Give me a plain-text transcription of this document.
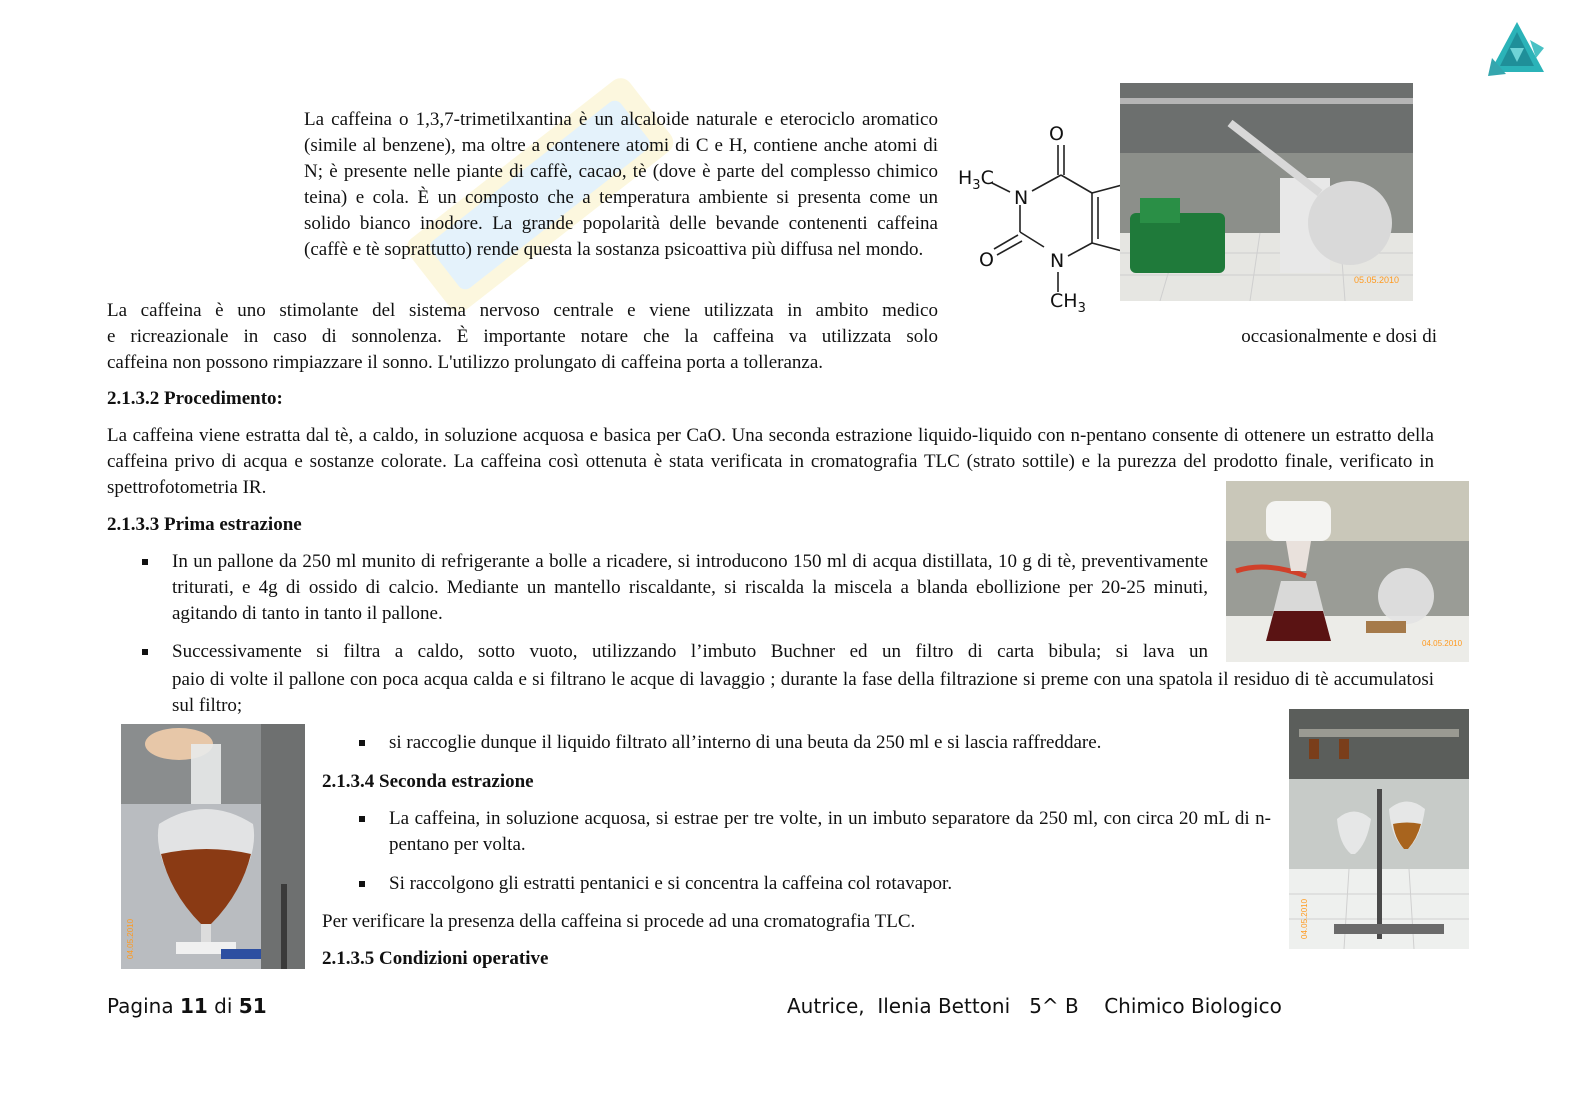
La caffeina o 1,3,7-trimetilxantina è un alcaloide naturale e eterociclo aromatico (simile al benzene), ma oltre a contenere atomi di C e H, contiene anche atomi di N; è presente nelle piante di caffè, cacao, tè (dove è parte del complesso chimico teina) e cola. È un composto che a temperatura ambiente si presenta come un solido bianco inodore. La grande popolarità delle bevande contenenti caffeina (caffè e tè soprattutto) rende questa la sostanza psicoattiva più diffusa nel mondo.
O
N
$H_3C$
O	N
$CH_3$
05.05.2010
La caffeina è uno stimolante del sistema nervoso centrale e viene utilizzata in ambito medico
e ricreazionale in caso di sonnolenza. È importante notare che la caffeina va utilizzata solo	occasionalmente e dosi di
caffeina non possono rimpiazzare il sonno. L'utilizzo prolungato di caffeina porta a tolleranza.
2.1.3.2 Procedimento:
La caffeina viene estratta dal tè, a caldo, in soluzione acquosa e basica per CaO. Una seconda estrazione liquido-liquido con n-pentano consente di ottenere un estratto della caffeina privo di acqua e sostanze colorate. La caffeina così ottenuta è stata verificata in cromatografia TLC (strato sottile) e la purezza del prodotto finale, verificato in spettrofotometria IR.
04.05.2010
2.1.3.3 Prima estrazione
In un pallone da 250 ml munito di refrigerante a bolle a ricadere, si introducono 150 ml di acqua distillata, 10 g di tè, preventivamente triturati, e 4g di ossido di calcio. Mediante un mantello riscaldante, si riscalda la miscela a blanda ebollizione per 20-25 minuti, agitando di tanto in tanto il pallone.
Successivamente si filtra a caldo, sotto vuoto, utilizzando l’imbuto Buchner ed un filtro di carta bibula; si lava un
paio di volte il pallone con poca acqua calda e si filtrano le acque di lavaggio ; durante la fase della filtrazione si preme con una spatola il residuo di tè accumulatosi sul filtro;
04.05.2010	04.05.2010
si raccoglie dunque il liquido filtrato all’interno di una beuta da 250 ml e si lascia raffreddare.
2.1.3.4 Seconda estrazione
La caffeina, in soluzione acquosa, si estrae per tre volte, in un imbuto separatore da 250 ml, con circa 20 mL di n-pentano per volta.
Si raccolgono gli estratti pentanici e si concentra la caffeina col rotavapor.
Per verificare la presenza della caffeina si procede ad una cromatografia TLC.
2.1.3.5 Condizioni operative
Pagina 11 di 51	Autrice,  Ilenia Bettoni   5^ B    Chimico Biologico
